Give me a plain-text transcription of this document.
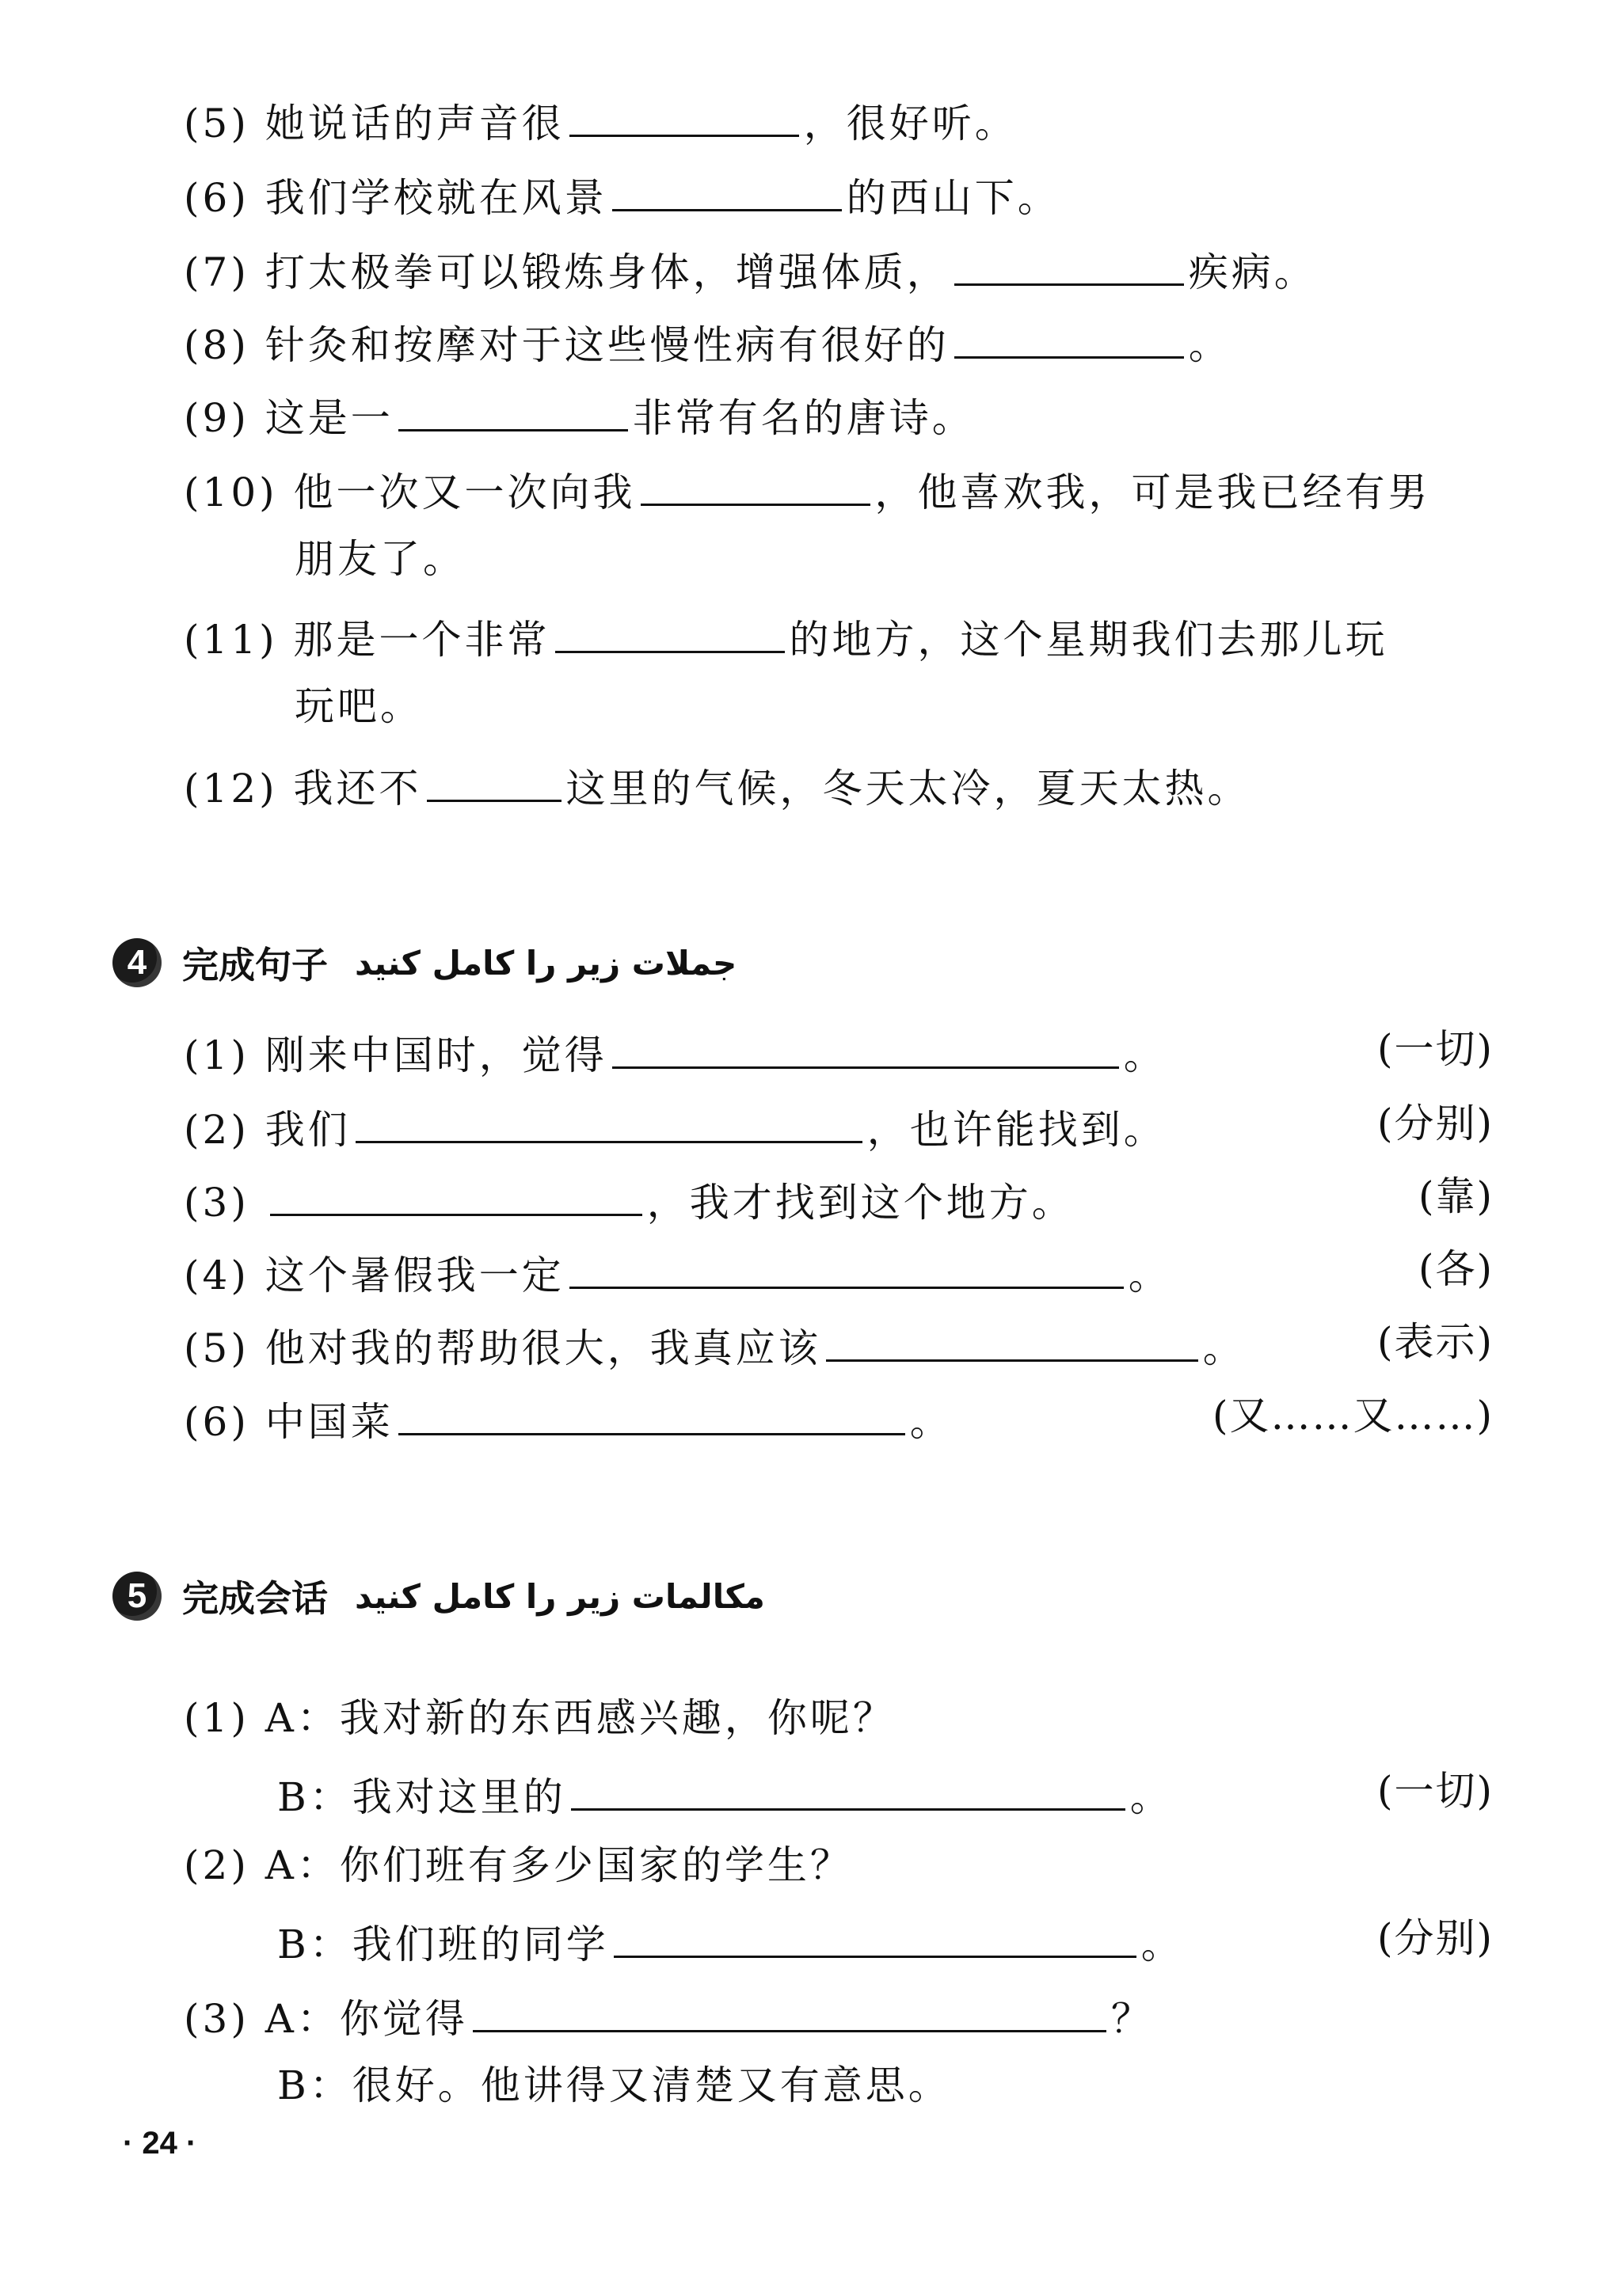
(5) 她说话的声音很	，很好听。
(6) 我们学校就在风景	的西山下。
(7) 打太极拳可以锻炼身体，增强体质，	疾病。
(8) 针灸和按摩对于这些慢性病有很好的	。
(9) 这是一	非常有名的唐诗。
(10) 他一次又一次向我	，他喜欢我，可是我已经有男
朋友了。
(11) 那是一个非常	的地方，这个星期我们去那儿玩
玩吧。
(12) 我还不	这里的气候，冬天太冷，夏天太热。
4 完成句子 جملات زیر را کامل کنید
(1) 刚来中国时，觉得	。	(一切)
(2) 我们	，也许能找到。	(分别)
(3)	，我才找到这个地方。	(靠)
(4) 这个暑假我一定	。	(各)
(5) 他对我的帮助很大，我真应该	。	(表示)
(6) 中国菜	。	(又……又……)
5 完成会话 مکالمات زیر را کامل کنید
(1) A：我对新的东西感兴趣，你呢？
B：我对这里的	。	(一切)
(2) A：你们班有多少国家的学生？
B：我们班的同学	。	(分别)
(3) A：你觉得	？
B：很好。他讲得又清楚又有意思。
· 24 ·
